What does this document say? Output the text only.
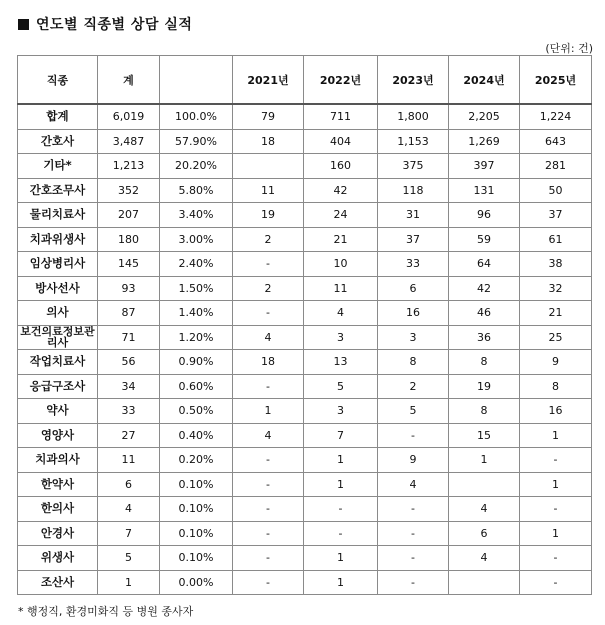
연도별 직종별 상담 실적
(단위: 건)
직종	계		2021년	2022년	2023년	2024년	2025년
합계	6,019	100.0%	79	711	1,800	2,205	1,224
간호사	3,487	57.90%	18	404	1,153	1,269	643
기타*	1,213	20.20%		160	375	397	281
간호조무사	352	5.80%	11	42	118	131	50
물리치료사	207	3.40%	19	24	31	96	37
치과위생사	180	3.00%	2	21	37	59	61
임상병리사	145	2.40%	-	10	33	64	38
방사선사	93	1.50%	2	11	6	42	32
의사	87	1.40%	-	4	16	46	21
보건의료정보관리사	71	1.20%	4	3	3	36	25
작업치료사	56	0.90%	18	13	8	8	9
응급구조사	34	0.60%	-	5	2	19	8
약사	33	0.50%	1	3	5	8	16
영양사	27	0.40%	4	7	-	15	1
치과의사	11	0.20%	-	1	9	1	-
한약사	6	0.10%	-	1	4		1
한의사	4	0.10%	-	-	-	4	-
안경사	7	0.10%	-	-	-	6	1
위생사	5	0.10%	-	1	-	4	-
조산사	1	0.00%	-	1	-		-
* 행정직, 환경미화직 등 병원 종사자
